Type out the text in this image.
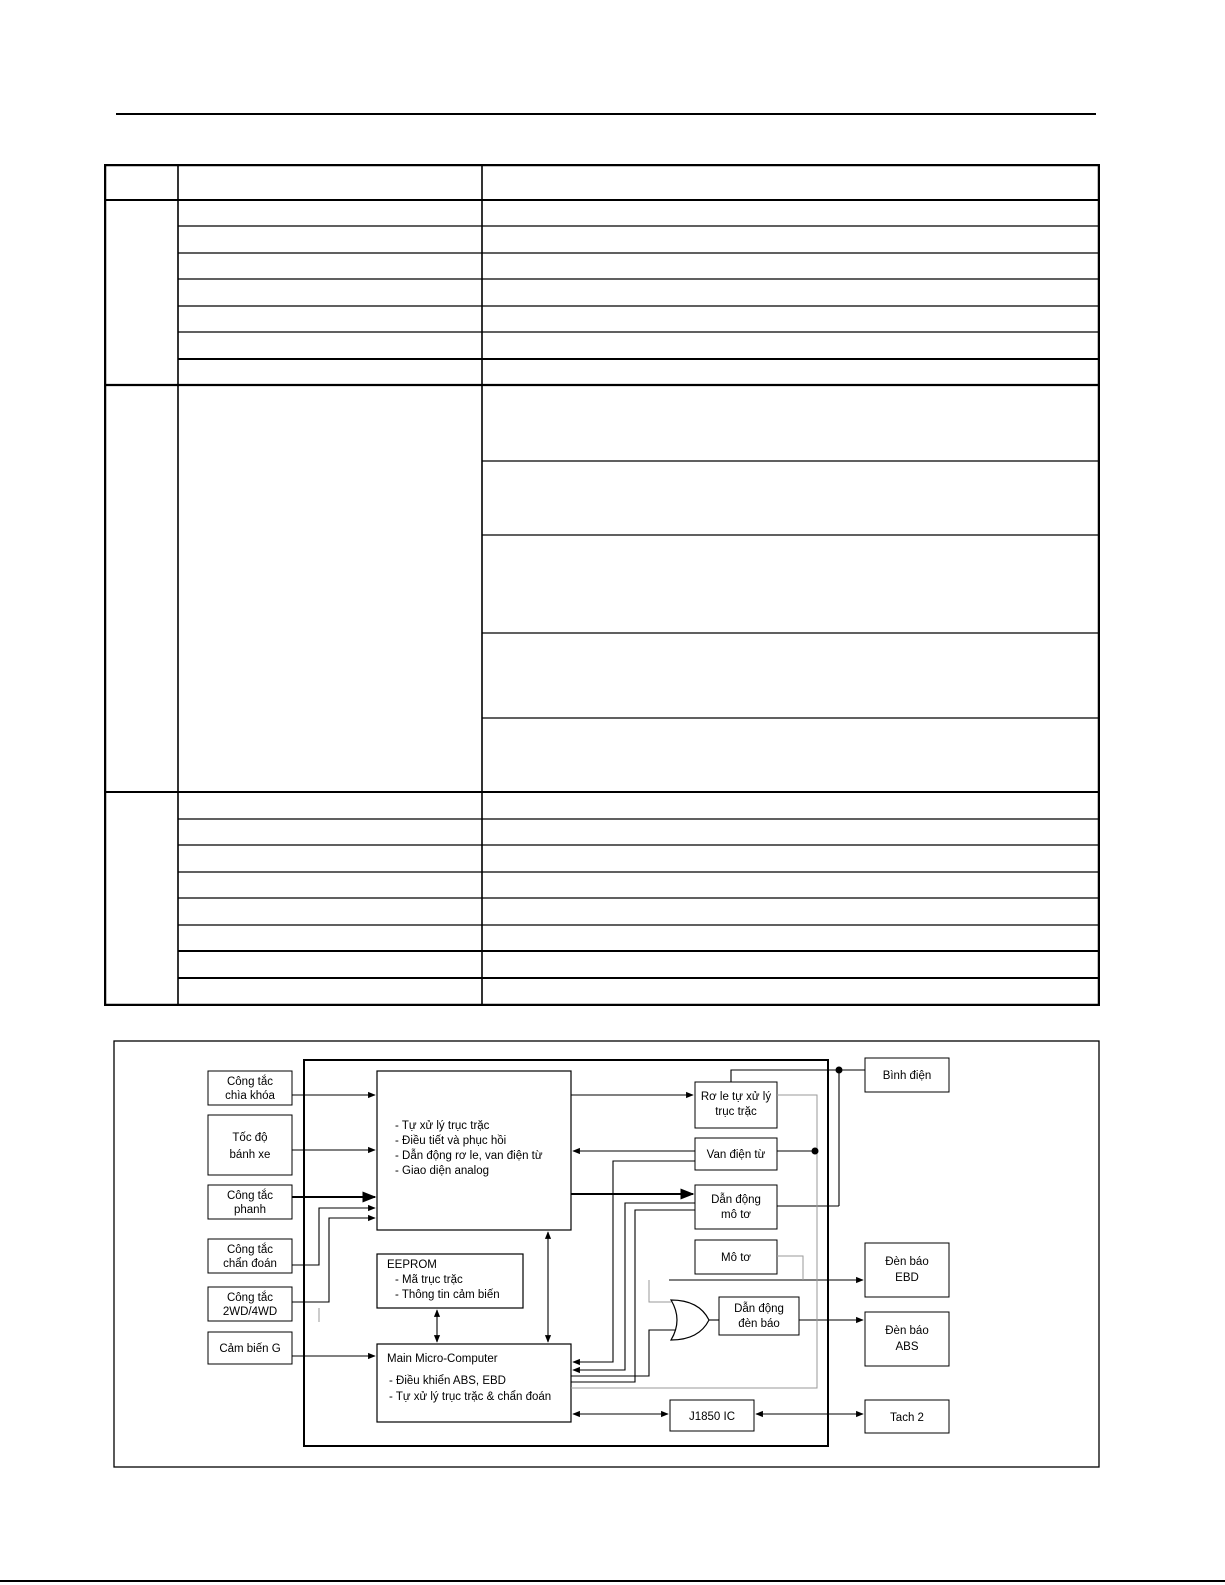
Công tắc
chìa khóa
Tốc độ
bánh xe
Công tắc
phanh
Công tắc
chẩn đoán
Công tắc
2WD/4WD
Cảm biến G
- Tự xử lý trục trặc
- Điều tiết và phục hồi
- Dẫn động rơ le, van điện từ
- Giao diện analog
EEPROM
- Mã trục trặc
- Thông tin cảm biến
Main Micro-Computer
- Điều khiển ABS, EBD
- Tự xử lý trục trặc & chẩn đoán
Rơ le tự xử lý
trục trặc
Van điện từ
Dẫn động
mô tơ
Mô tơ
Dẫn động
đèn báo
J1850 IC
Bình điện
Đèn báo
EBD
Đèn báo
ABS
Tach 2
